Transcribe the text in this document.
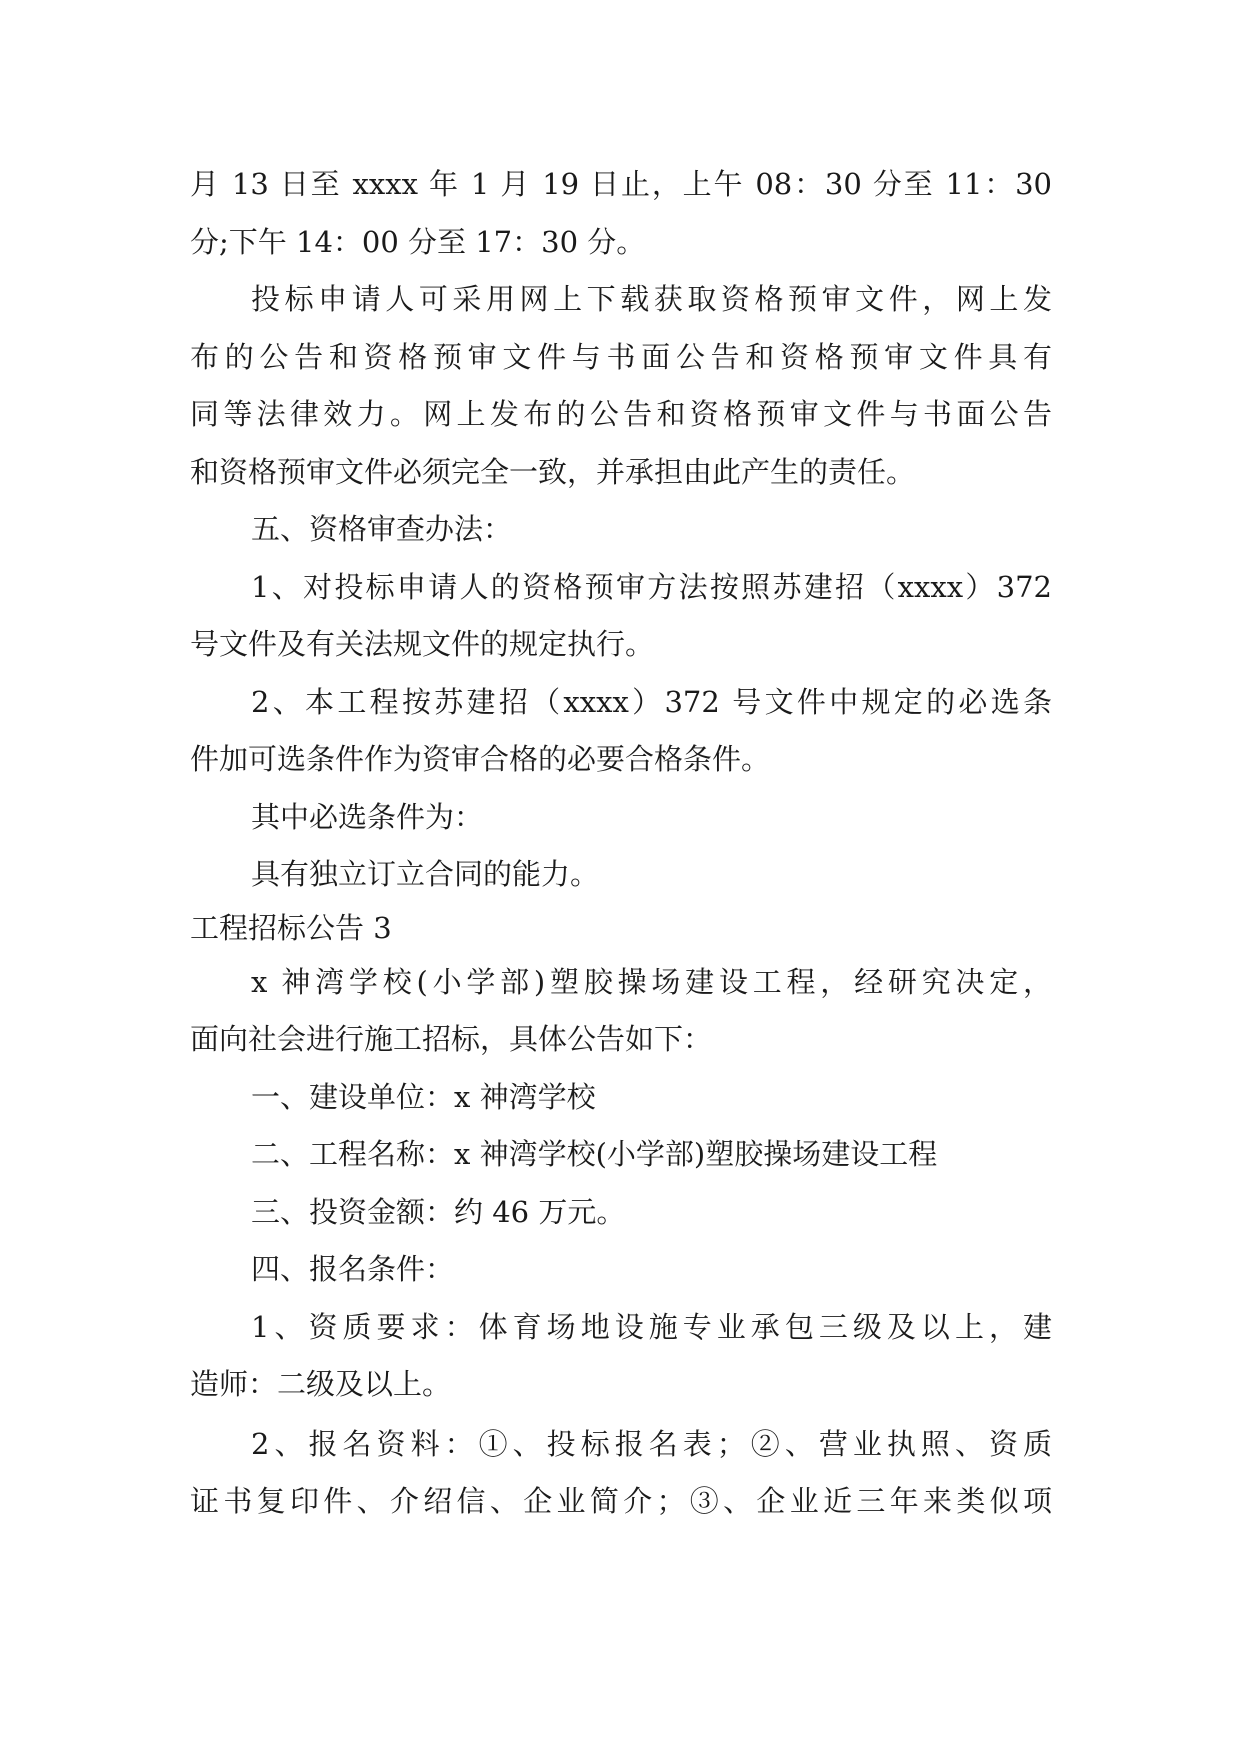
月 13 日至 xxxx 年 1 月 19 日止，上午 08：30 分至 11：30
分;下午 14：00 分至 17：30 分。
投标申请人可采用网上下载获取资格预审文件，网上发
布的公告和资格预审文件与书面公告和资格预审文件具有
同等法律效力。网上发布的公告和资格预审文件与书面公告
和资格预审文件必须完全一致，并承担由此产生的责任。
五、资格审查办法：
1、对投标申请人的资格预审方法按照苏建招（xxxx）372
号文件及有关法规文件的规定执行。
2、本工程按苏建招（xxxx）372 号文件中规定的必选条
件加可选条件作为资审合格的必要合格条件。
其中必选条件为：
具有独立订立合同的能力。
工程招标公告 3
x 神湾学校(小学部)塑胶操场建设工程，经研究决定，
面向社会进行施工招标，具体公告如下：
一、建设单位：x 神湾学校
二、工程名称：x 神湾学校(小学部)塑胶操场建设工程
三、投资金额：约 46 万元。
四、报名条件：
1、资质要求：体育场地设施专业承包三级及以上，建
造师：二级及以上。
2、报名资料：①、投标报名表；②、营业执照、资质
证书复印件、介绍信、企业简介；③、企业近三年来类似项
